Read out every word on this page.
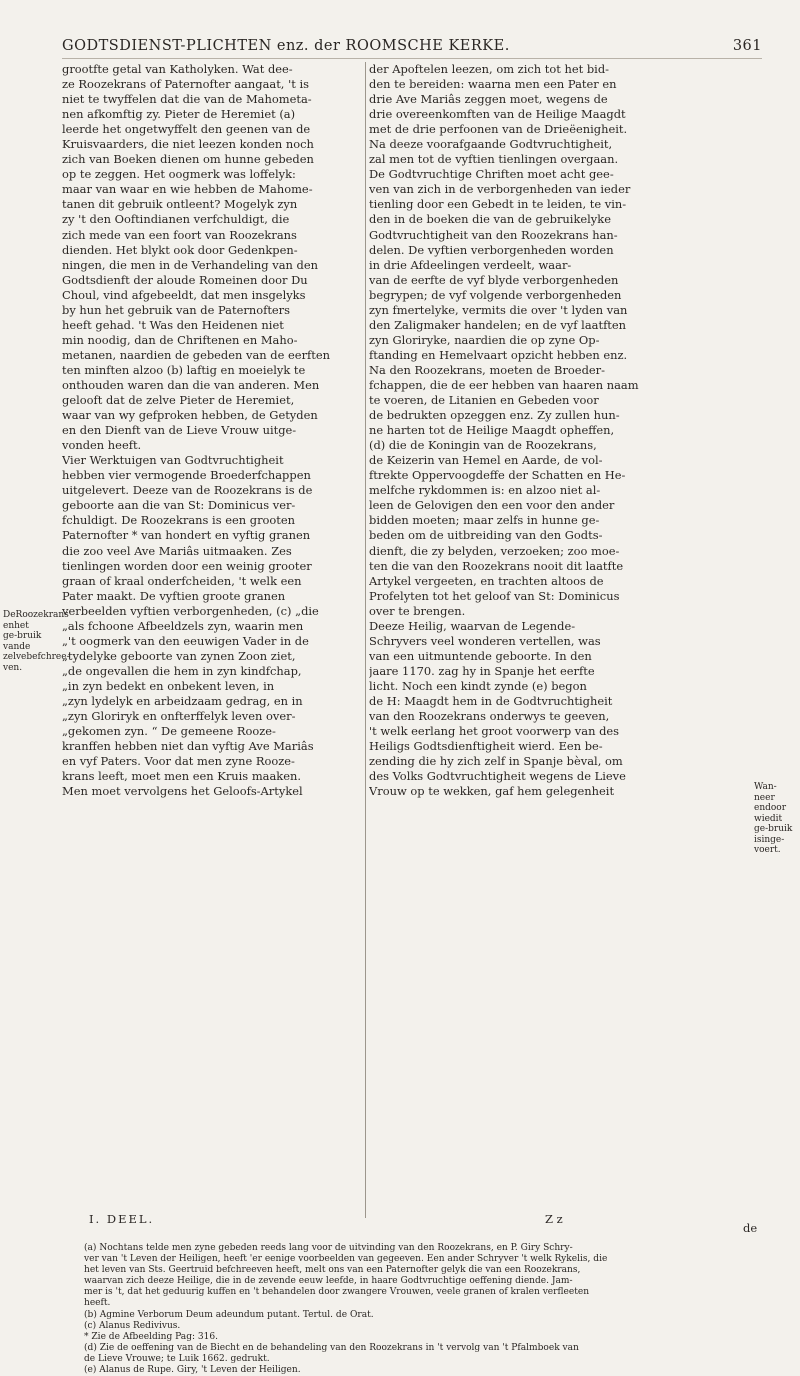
GODTSDIENST-PLICHTEN enz. der ROOMSCHE KERKE.	361
grootfte getal van Katholyken. Wat dee-
ze Roozekrans of Paternofter aangaat, 't is
niet te twyffelen dat die van de Mahometa-
nen afkomftig zy. Pieter de Heremiet (a)
leerde het ongetwyffelt den geenen van de
Kruisvaarders, die niet leezen konden noch
zich van Boeken dienen om hunne gebeden
op te zeggen. Het oogmerk was loffelyk:
maar van waar en wie hebben de Mahome-
tanen dit gebruik ontleent? Mogelyk zyn
zy 't den Ooftindianen verfchuldigt, die
zich mede van een foort van Roozekrans
dienden. Het blykt ook door Gedenkpen-
ningen, die men in de Verhandeling van den
Godtsdienft der aloude Romeinen door Du
Choul, vind afgebeeldt, dat men insgelyks
by hun het gebruik van de Paternofters
heeft gehad. 't Was den Heidenen niet
min noodig, dan de Chriftenen en Maho-
metanen, naardien de gebeden van de eerften
ten minften alzoo (b) laftig en moeielyk te
onthouden waren dan die van anderen. Men
gelooft dat de zelve Pieter de Heremiet,
waar van wy gefproken hebben, de Getyden
en den Dienft van de Lieve Vrouw uitge-
vonden heeft.
Vier Werktuigen van Godtvruchtigheit
hebben vier vermogende Broederfchappen
uitgelevert. Deeze van de Roozekrans is de
geboorte aan die van St: Dominicus ver-
fchuldigt. De Roozekrans is een grooten
Paternofter * van hondert en vyftig granen
die zoo veel Ave Mariâs uitmaaken. Zes
tienlingen worden door een weinig grooter
graan of kraal onderfcheiden, 't welk een
Pater maakt. De vyftien groote granen
verbeelden vyftien verborgenheden, (c) „die
„als fchoone Afbeeldzels zyn, waarin men
„'t oogmerk van den eeuwigen Vader in de
„tydelyke geboorte van zynen Zoon ziet,
„de ongevallen die hem in zyn kindfchap,
„in zyn bedekt en onbekent leven, in
„zyn lydelyk en arbeidzaam gedrag, en in
„zyn Gloriryk en onfterffelyk leven over-
„gekomen zyn. “ De gemeene Rooze-
kranffen hebben niet dan vyftig Ave Mariâs
en vyf Paters. Voor dat men zyne Rooze-
krans leeft, moet men een Kruis maaken.
Men moet vervolgens het Geloofs-Artykel
der Apoftelen leezen, om zich tot het bid-
den te bereiden: waarna men een Pater en
drie Ave Mariâs zeggen moet, wegens de
drie overeenkomften van de Heilige Maagdt
met de drie perfoonen van de Drieëenigheit.
Na deeze voorafgaande Godtvruchtigheit,
zal men tot de vyftien tienlingen overgaan.
De Godtvruchtige Chriften moet acht gee-
ven van zich in de verborgenheden van ieder
tienling door een Gebedt in te leiden, te vin-
den in de boeken die van de gebruikelyke
Godtvruchtigheit van den Roozekrans han-
delen. De vyftien verborgenheden worden
in drie Afdeelingen verdeelt, waar-
van de eerfte de vyf blyde verborgenheden
begrypen; de vyf volgende verborgenheden
zyn fmertelyke, vermits die over 't lyden van
den Zaligmaker handelen; en de vyf laatften
zyn Gloriryke, naardien die op zyne Op-
ftanding en Hemelvaart opzicht hebben enz.
Na den Roozekrans, moeten de Broeder-
fchappen, die de eer hebben van haaren naam
te voeren, de Litanien en Gebeden voor
de bedrukten opzeggen enz. Zy zullen hun-
ne harten tot de Heilige Maagdt opheffen,
(d) die de Koningin van de Roozekrans,
de Keizerin van Hemel en Aarde, de vol-
ftrekte Oppervoogdeffe der Schatten en He-
melfche rykdommen is: en alzoo niet al-
leen de Gelovigen den een voor den ander
bidden moeten; maar zelfs in hunne ge-
beden om de uitbreiding van den Godts-
dienft, die zy belyden, verzoeken; zoo moe-
ten die van den Roozekrans nooit dit laatfte
Artykel vergeeten, en trachten altoos de
Profelyten tot het geloof van St: Dominicus
over te brengen.
Deeze Heilig, waarvan de Legende-
Schryvers veel wonderen vertellen, was
van een uitmuntende geboorte. In den
jaare 1170. zag hy in Spanje het eerfte
licht. Noch een kindt zynde (e) begon
de H: Maagdt hem in de Godtvruchtigheit
van den Roozekrans onderwys te geeven,
't welk eerlang het groot voorwerp van des
Heiligs Godtsdienftigheit wierd. Een be-
zending die hy zich zelf in Spanje bèval, om
des Volks Godtvruchtigheit wegens de Lieve
Vrouw op te wekken, gaf hem gelegenheit
DeRoozekrans enhet ge-bruik vande zelvebefchree-ven.
Wan-neer endoor wiedit ge-bruik isinge-voert.
I. DEEL.	Z z
de
(a) Nochtans telde men zyne gebeden reeds lang voor de uitvinding van den Roozekrans, en P. Giry Schry-
ver van 't Leven der Heiligen, heeft 'er eenige voorbeelden van gegeeven. Een ander Schryver 't welk Rykelis, die
het leven van Sts. Geertruid befchreeven heeft, melt ons van een Paternofter gelyk die van een Roozekrans,
waarvan zich deeze Heilige, die in de zevende eeuw leefde, in haare Godtvruchtige oeffening diende. Jam-
mer is 't, dat het geduurig kuffen en 't behandelen door zwangere Vrouwen, veele granen of kralen verfleeten
heeft.
(b) Agmine Verborum Deum adeundum putant. Tertul. de Orat.
(c) Alanus Redivivus.
* Zie de Afbeelding Pag: 316.
(d) Zie de oeffening van de Biecht en de behandeling van den Roozekrans in 't vervolg van 't Pfalmboek van
de Lieve Vrouwe; te Luik 1662. gedrukt.
(e) Alanus de Rupe. Giry, 't Leven der Heiligen.
